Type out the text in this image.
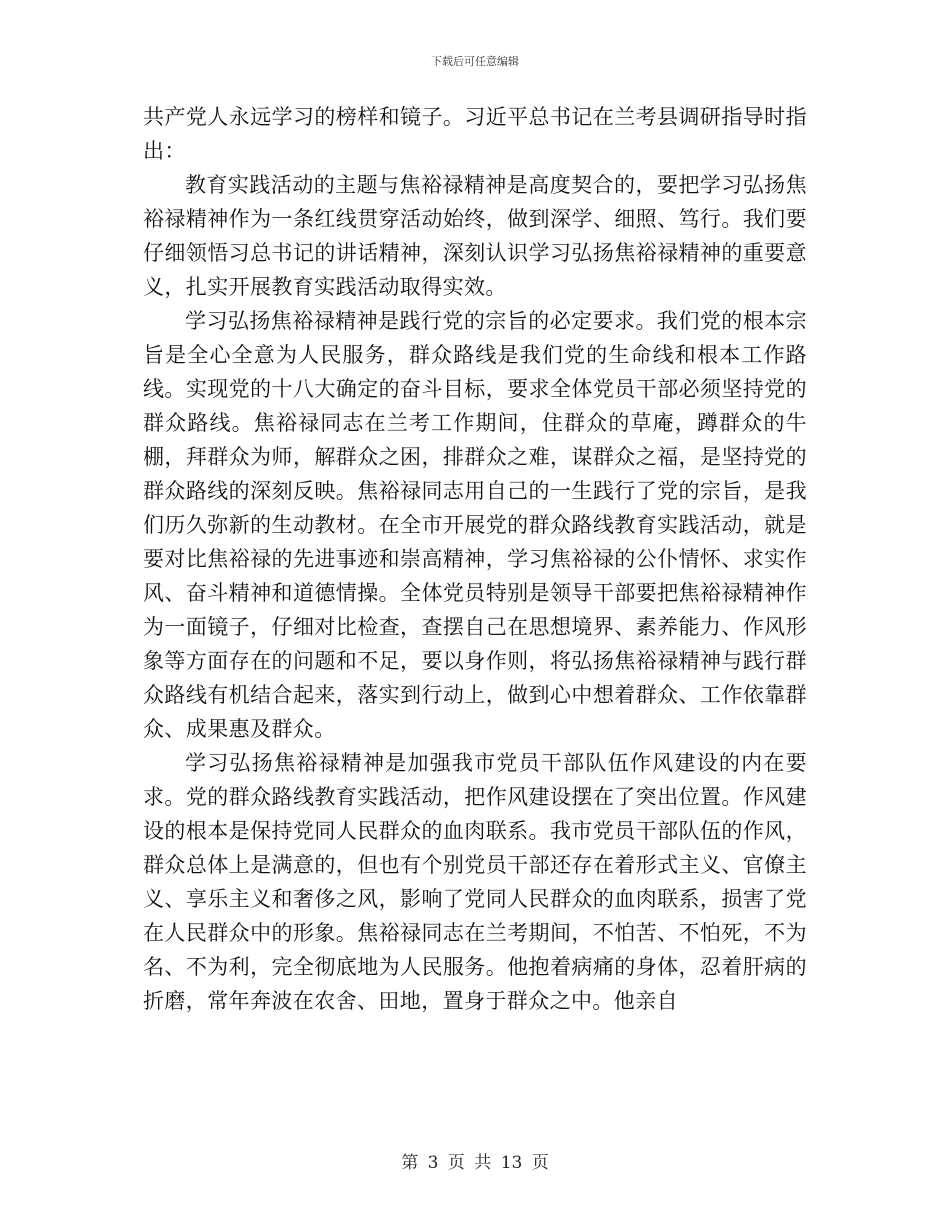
下载后可任意编辑

共产党人永远学习的榜样和镜子。习近平总书记在兰考县调研指导时指出：

教育实践活动的主题与焦裕禄精神是高度契合的，要把学习弘扬焦裕禄精神作为一条红线贯穿活动始终，做到深学、细照、笃行。我们要仔细领悟习总书记的讲话精神，深刻认识学习弘扬焦裕禄精神的重要意义，扎实开展教育实践活动取得实效。

学习弘扬焦裕禄精神是践行党的宗旨的必定要求。我们党的根本宗旨是全心全意为人民服务，群众路线是我们党的生命线和根本工作路线。实现党的十八大确定的奋斗目标，要求全体党员干部必须坚持党的群众路线。焦裕禄同志在兰考工作期间，住群众的草庵，蹲群众的牛棚，拜群众为师，解群众之困，排群众之难，谋群众之福，是坚持党的群众路线的深刻反映。焦裕禄同志用自己的一生践行了党的宗旨，是我们历久弥新的生动教材。在全市开展党的群众路线教育实践活动，就是要对比焦裕禄的先进事迹和崇高精神，学习焦裕禄的公仆情怀、求实作风、奋斗精神和道德情操。全体党员特别是领导干部要把焦裕禄精神作为一面镜子，仔细对比检查，查摆自己在思想境界、素养能力、作风形象等方面存在的问题和不足，要以身作则，将弘扬焦裕禄精神与践行群众路线有机结合起来，落实到行动上，做到心中想着群众、工作依靠群众、成果惠及群众。

学习弘扬焦裕禄精神是加强我市党员干部队伍作风建设的内在要求。党的群众路线教育实践活动，把作风建设摆在了突出位置。作风建设的根本是保持党同人民群众的血肉联系。我市党员干部队伍的作风，群众总体上是满意的，但也有个别党员干部还存在着形式主义、官僚主义、享乐主义和奢侈之风，影响了党同人民群众的血肉联系，损害了党在人民群众中的形象。焦裕禄同志在兰考期间，不怕苦、不怕死，不为名、不为利，完全彻底地为人民服务。他抱着病痛的身体，忍着肝病的折磨，常年奔波在农舍、田地，置身于群众之中。他亲自

第 3 页 共 13 页
